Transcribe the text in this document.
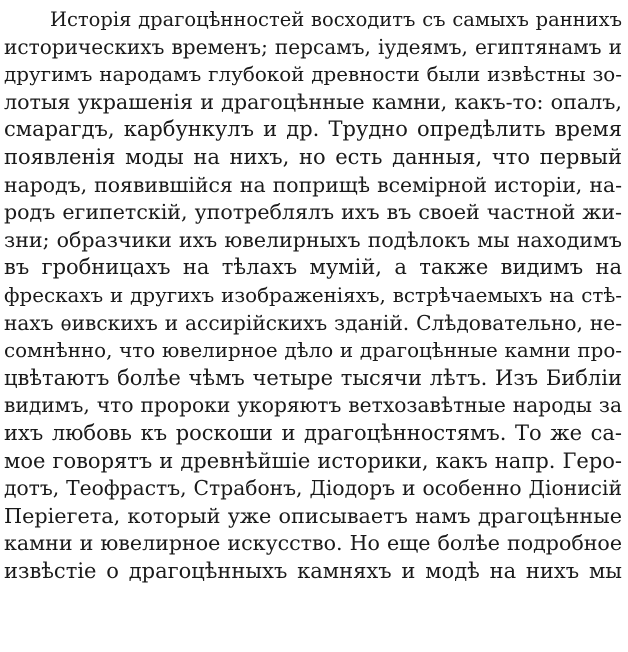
Исторія драгоцѣнностей восходитъ съ самыхъ раннихъ
историческихъ временъ; персамъ, іудеямъ, египтянамъ и
другимъ народамъ глубокой древности были извѣстны зо-
лотыя украшенія и драгоцѣнные камни, какъ-то: опалъ,
смарагдъ, карбункулъ и др. Трудно опредѣлить время
появленія моды на нихъ, но есть данныя, что первый
народъ, появившійся на поприщѣ всемірной исторіи, на-
родъ египетскій, употреблялъ ихъ въ своей частной жи-
зни; образчики ихъ ювелирныхъ подѣлокъ мы находимъ
въ гробницахъ на тѣлахъ мумій, а также видимъ на
фрескахъ и другихъ изображеніяхъ, встрѣчаемыхъ на стѣ-
нахъ ѳивскихъ и ассирійскихъ зданій. Слѣдовательно, не-
сомнѣнно, что ювелирное дѣло и драгоцѣнные камни про-
цвѣтаютъ болѣе чѣмъ четыре тысячи лѣтъ. Изъ Библіи
видимъ, что пророки укоряютъ ветхозавѣтные народы за
ихъ любовь къ роскоши и драгоцѣнностямъ. То же са-
мое говорятъ и древнѣйшіе историки, какъ напр. Геро-
дотъ, Теофрастъ, Страбонъ, Діодоръ и особенно Діонисій
Періегета, который уже описываетъ намъ драгоцѣнные
камни и ювелирное искусство. Но еще болѣе подробное
извѣстіе о драгоцѣнныхъ камняхъ и модѣ на нихъ мы
